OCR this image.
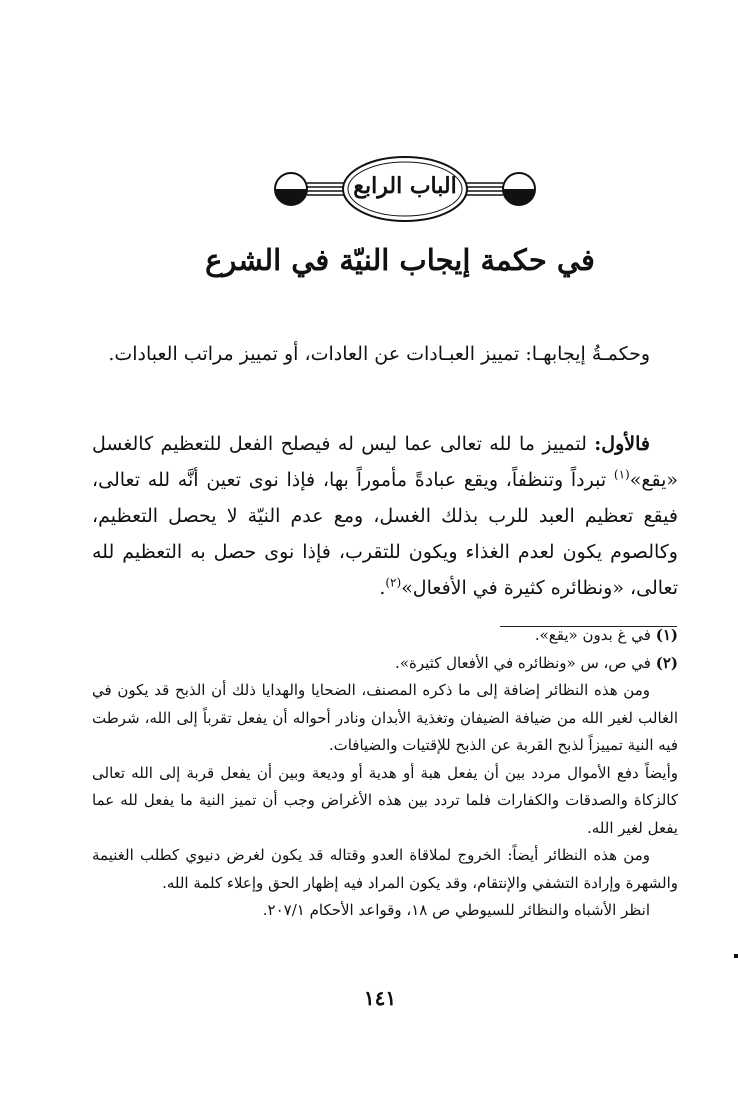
الباب الرابع
في حكمة إيجاب النيّة في الشرع
وحكمـةُ إيجابهـا: تمييز العبـادات عن العادات، أو تمييز مراتب العبادات.
فالأول: لتمييز ما لله تعالى عما ليس له فيصلح الفعل للتعظيم كالغسل «يقع»$^{(١)}$ تبرداً وتنظفاً، ويقع عبادةً مأموراً بها، فإذا نوى تعين أنَّه لله تعالى، فيقع تعظيم العبد للرب بذلك الغسل، ومع عدم النيّة لا يحصل التعظيم، وكالصوم يكون لعدم الغذاء ويكون للتقرب، فإذا نوى حصل به التعظيم لله تعالى، «ونظائره كثيرة في الأفعال»$^{(٢)}$.
(١) في غ بدون «يقع».
(٢) في ص، س «ونظائره في الأفعال كثيرة».
ومن هذه النظائر إضافة إلى ما ذكره المصنف، الضحايا والهدايا ذلك أن الذبح قد يكون في الغالب لغير الله من ضيافة الضيفان وتغذية الأبدان ونادر أحواله أن يفعل تقرباً إلى الله، شرطت فيه النية تمييزاً لذبح القربة عن الذبح للإقتيات والضيافات.
وأيضاً دفع الأموال مردد بين أن يفعل هبة أو هدية أو وديعة وبين أن يفعل قربة إلى الله تعالى كالزكاة والصدقات والكفارات فلما تردد بين هذه الأغراض وجب أن تميز النية ما يفعل لله عما يفعل لغير الله.
ومن هذه النظائر أيضاً: الخروج لملاقاة العدو وقتاله قد يكون لغرض دنيوي كطلب الغنيمة والشهرة وإرادة التشفي والإنتقام، وقد يكون المراد فيه إظهار الحق وإعلاء كلمة الله.
انظر الأشباه والنظائر للسيوطي ص ١٨، وقواعد الأحكام ٢٠٧/١.
١٤١
